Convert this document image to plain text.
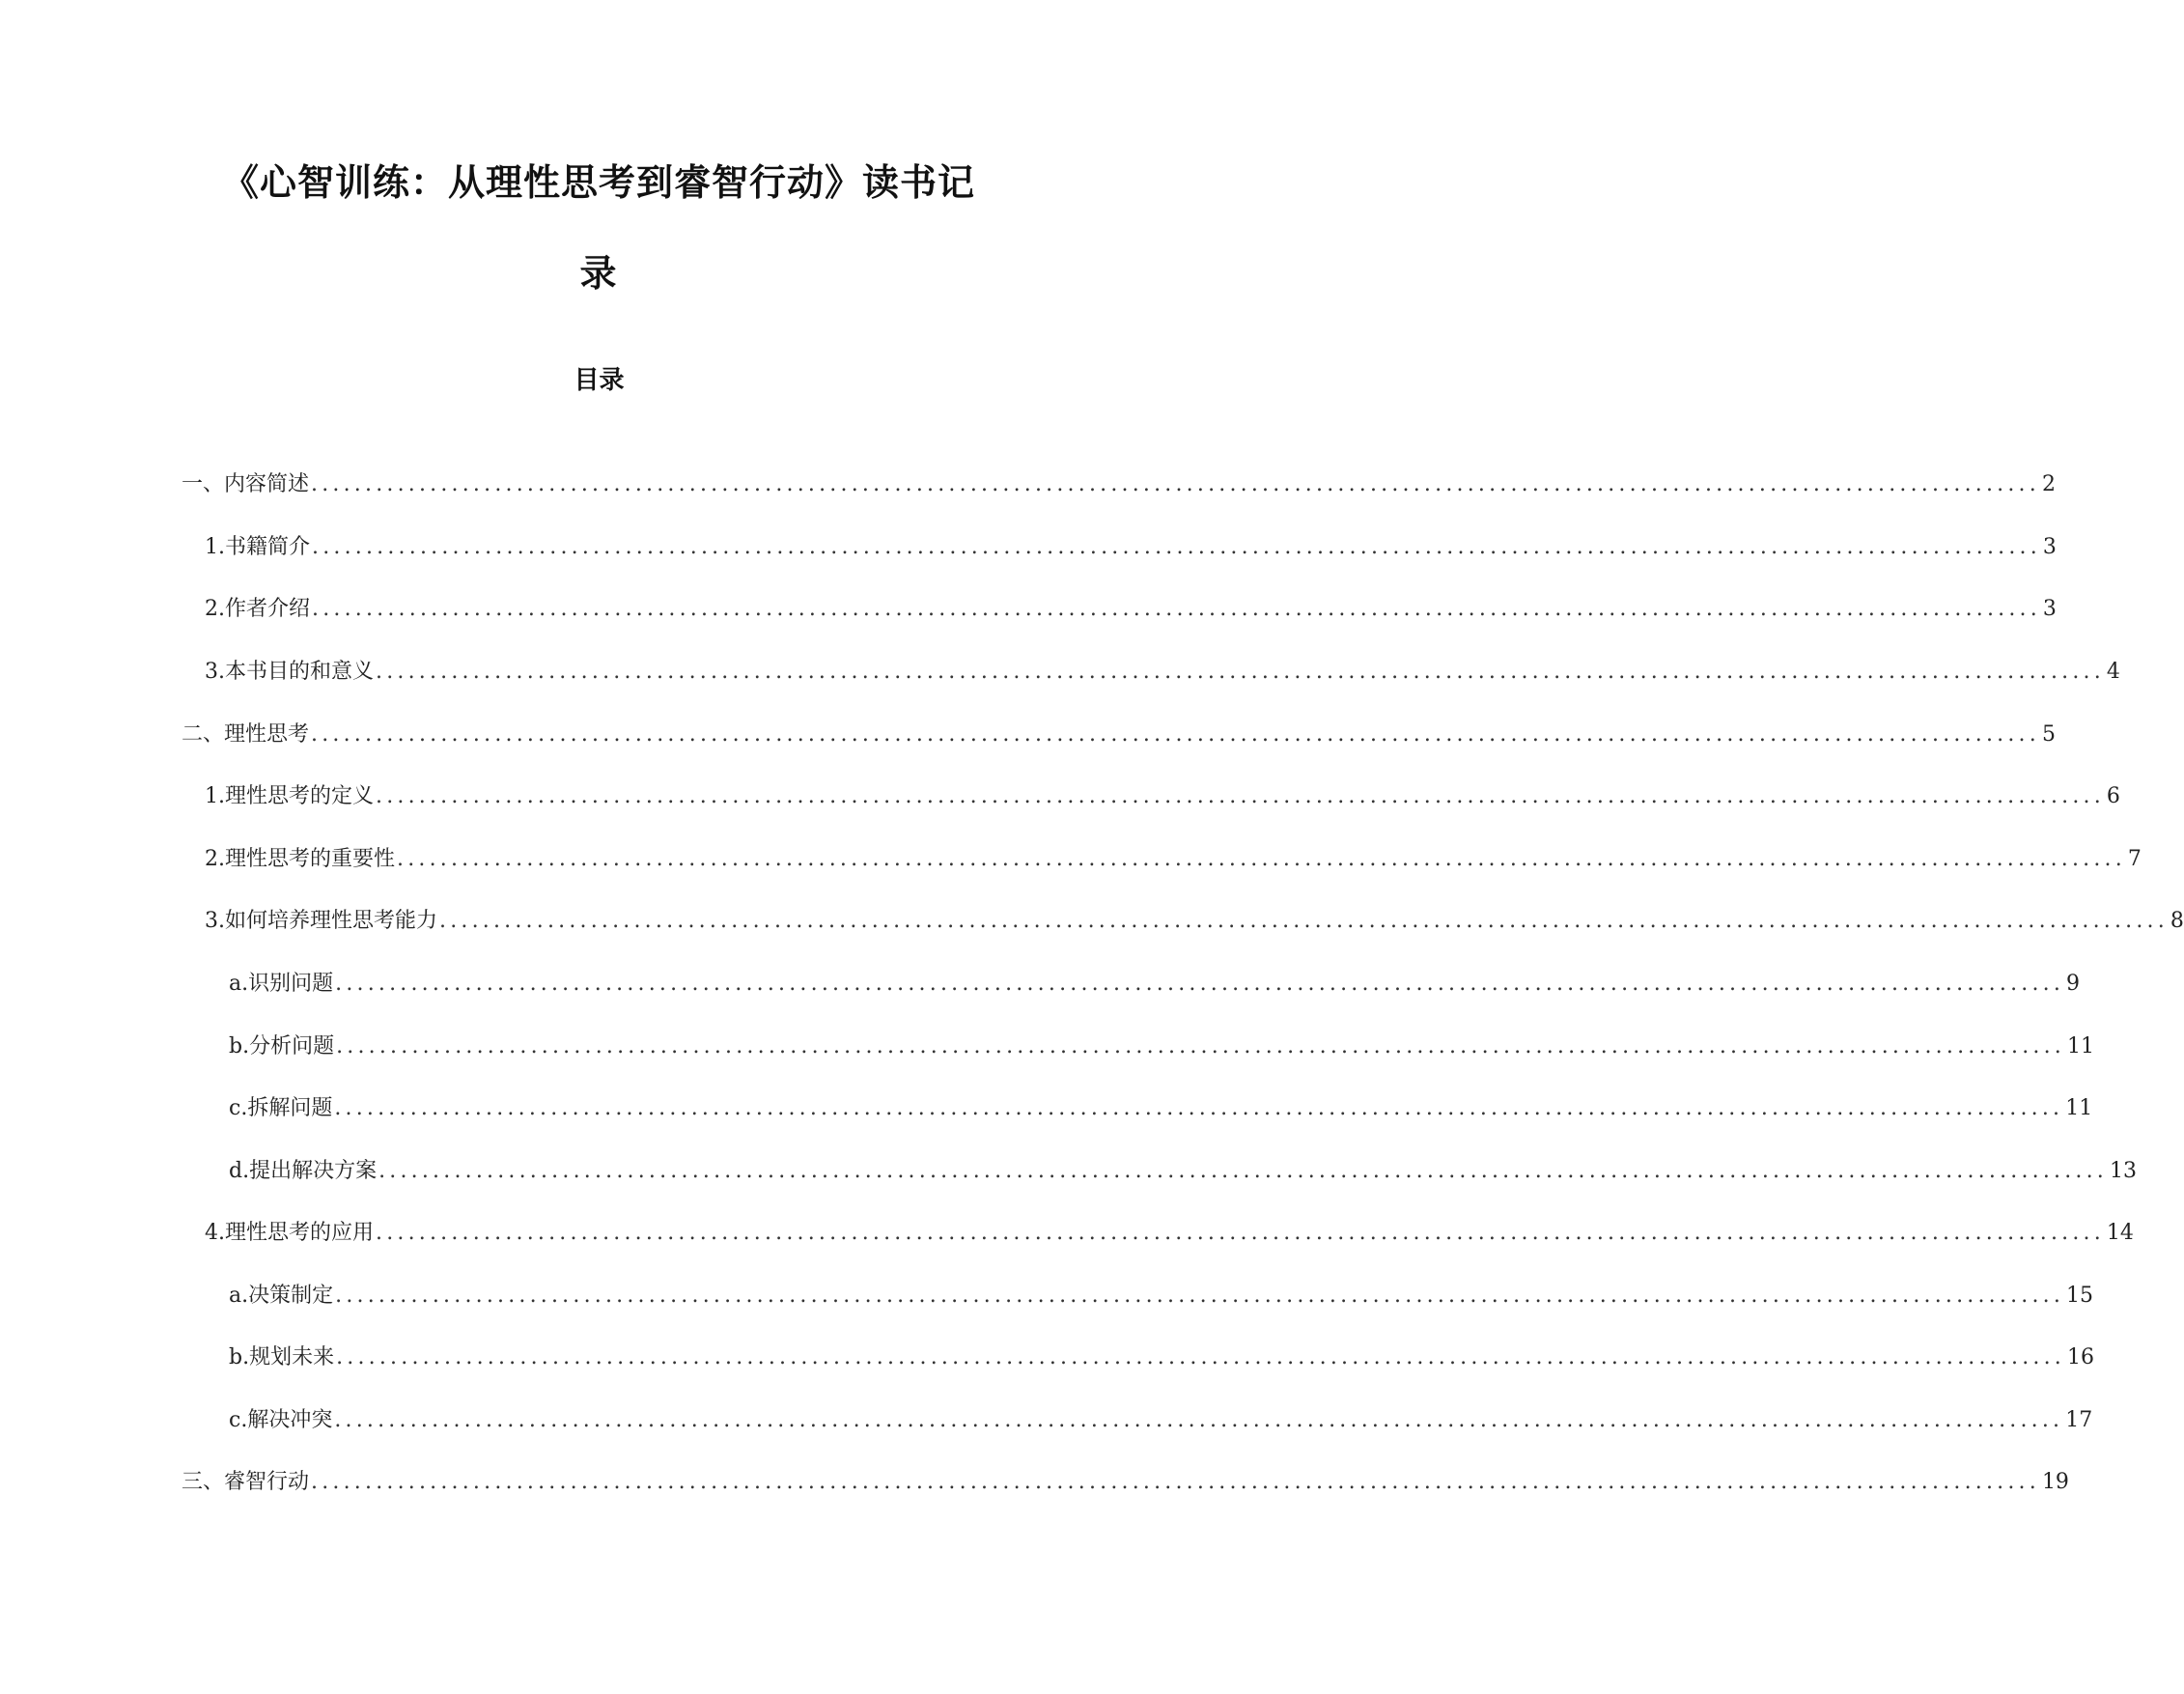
《心智训练：从理性思考到睿智行动》读书记录
目录
一、 内容简述 ................................................................................................................................................................ 2
1. 书籍简介 ................................................................................................................................................................ 3
2. 作者介绍 ................................................................................................................................................................ 3
3. 本书目的和意义 ................................................................................................................................................................ 4
二、 理性思考 ................................................................................................................................................................ 5
1. 理性思考的定义 ................................................................................................................................................................ 6
2. 理性思考的重要性 ................................................................................................................................................................ 7
3. 如何培养理性思考能力 ................................................................................................................................................................ 8
a. 识别问题 ................................................................................................................................................................ 9
b. 分析问题 ................................................................................................................................................................ 11
c. 拆解问题 ................................................................................................................................................................ 11
d. 提出解决方案 ................................................................................................................................................................ 13
4. 理性思考的应用 ................................................................................................................................................................ 14
a. 决策制定 ................................................................................................................................................................ 15
b. 规划未来 ................................................................................................................................................................ 16
c. 解决冲突 ................................................................................................................................................................ 17
三、 睿智行动 ................................................................................................................................................................ 19
